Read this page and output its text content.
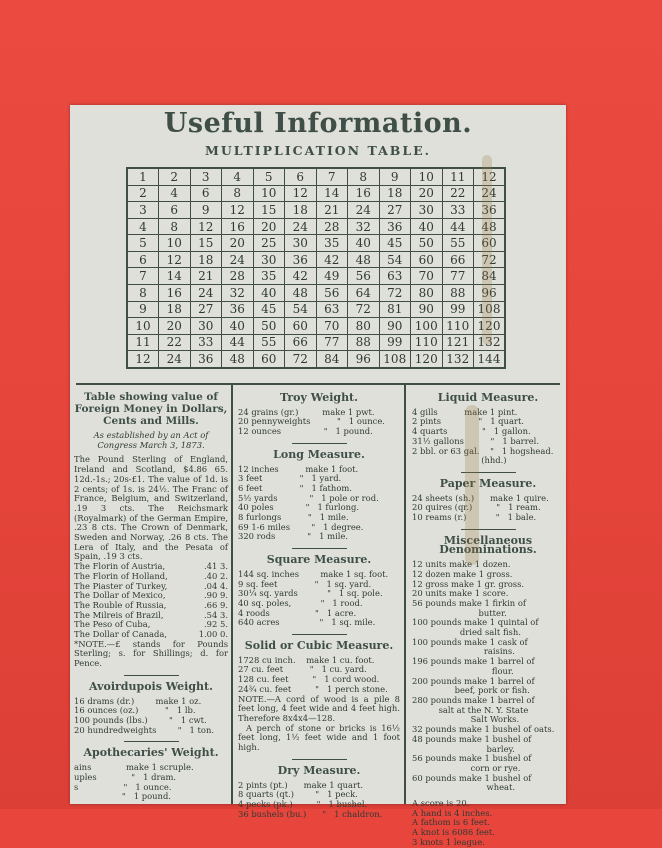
Useful Information.
MULTIPLICATION TABLE.
1	2	3	4	5	6	7	8	9	10	11	12
2	4	6	8	10	12	14	16	18	20	22	24
3	6	9	12	15	18	21	24	27	30	33	36
4	8	12	16	20	24	28	32	36	40	44	48
5	10	15	20	25	30	35	40	45	50	55	60
6	12	18	24	30	36	42	48	54	60	66	72
7	14	21	28	35	42	49	56	63	70	77	84
8	16	24	32	40	48	56	64	72	80	88	96
9	18	27	36	45	54	63	72	81	90	99	108
10	20	30	40	50	60	70	80	90	100	110	120
11	22	33	44	55	66	77	88	99	110	121	132
12	24	36	48	60	72	84	96	108	120	132	144
Table showing value of Foreign Money in Dollars, Cents and Mills.
As established by an Act of Congress March 3, 1873.
The Pound Sterling of England, Ireland and Scotland, $4.86 65. 12d.-1s.; 20s-£1. The value of 1d. is 2 cents; of 1s. is 24½. The Franc of France, Belgium, and Switzerland, .19 3 cts. The Reichsmark (Royalmark) of the German Empire, .23 8 cts. The Crown of Denmark, Sweden and Norway, .26 8 cts. The Lera of Italy, and the Pesata of Spain, .19 3 cts.
The Florin of Austria,	.41 3.
The Florin of Holland,	.40 2.
The Piaster of Turkey,	.04 4.
The Dollar of Mexico,	.90 9.
The Rouble of Russia,	.66 9.
The Milreis of Brazil,	.54 3.
The Peso of Cuba,	.92 5.
The Dollar of Canada,	1.00 0.
*NOTE.—£ stands for Pounds Sterling; s. for Shillings; d. for Pence.
Avoirdupois Weight.
16 drams (dr.)        make 1 oz.
16 ounces (oz.)          "   1 lb.
100 pounds (lbs.)        "   1 cwt.
20 hundredweights        "   1 ton.
Apothecaries' Weight.
ains             make 1 scruple.
uples             "   1 dram.
s                 "   1 ounce.
"   1 pound.
Troy Weight.
24 grains (gr.)         make 1 pwt.
20 pennyweights          "   1 ounce.
12 ounces                "   1 pound.
Long Measure.
12 inches          make 1 foot.
3 feet              "   1 yard.
6 feet              "   1 fathom.
5½ yards            "   1 pole or rod.
40 poles            "   1 furlong.
8 furlongs          "   1 mile.
69 1-6 miles        "   1 degree.
320 rods            "   1 mile.
Square Measure.
144 sq. inches        make 1 sq. foot.
9 sq. feet              "   1 sq. yard.
30¼ sq. yards           "   1 sq. pole.
40 sq. poles,           "   1 rood.
4 roods                 "   1 acre.
640 acres               "   1 sq. mile.
Solid or Cubic Measure.
1728 cu inch.    make 1 cu. foot.
27 cu. feet          "   1 cu. yard.
128 cu. feet         "   1 cord wood.
24¾ cu. feet         "   1 perch stone.
NOTE.—A cord of wood is a pile 8 feet long, 4 feet wide and 4 feet high. Therefore 8x4x4—128.
A perch of stone or bricks is 16½ feet long, 1½ feet wide and 1 foot high.
Dry Measure.
2 pints (pt.)      make 1 quart.
8 quarts (qt.)        "   1 peck.
4 pecks (pk.)         "   1 bushel.
36 bushels (bu.)      "   1 chaldron.
Liquid Measure.
4 gills          make 1 pint.
2 pints              "   1 quart.
4 quarts             "   1 gallon.
31½ gallons          "   1 barrel.
2 bbl. or 63 gal.    "   1 hogshead.
(hhd.)
Paper Measure.
24 sheets (sh.)      make 1 quire.
20 quires (qr.)         "   1 ream.
10 reams (r.)           "   1 bale.
Miscellaneous Denominations.
12 units make 1 dozen.
12 dozen make 1 gross.
12 gross make 1 gr. gross.
20 units make 1 score.
56 pounds make 1 firkin of
butter.
100 pounds make 1 quintal of
dried salt fish.
100 pounds make 1 cask of
raisins.
196 pounds make 1 barrel of
flour.
200 pounds make 1 barrel of
beef, pork or fish.
280 pounds make 1 barrel of
salt at the N. Y. State
Salt Works.
32 pounds make 1 bushel of oats.
48 pounds make 1 bushel of
barley.
56 pounds make 1 bushel of
corn or rye.
60 pounds make 1 bushel of
wheat.
A score is 20.
A hand is 4 inches.
A fathom is 6 feet.
A knot is 6086 feet.
3 knots 1 league.
